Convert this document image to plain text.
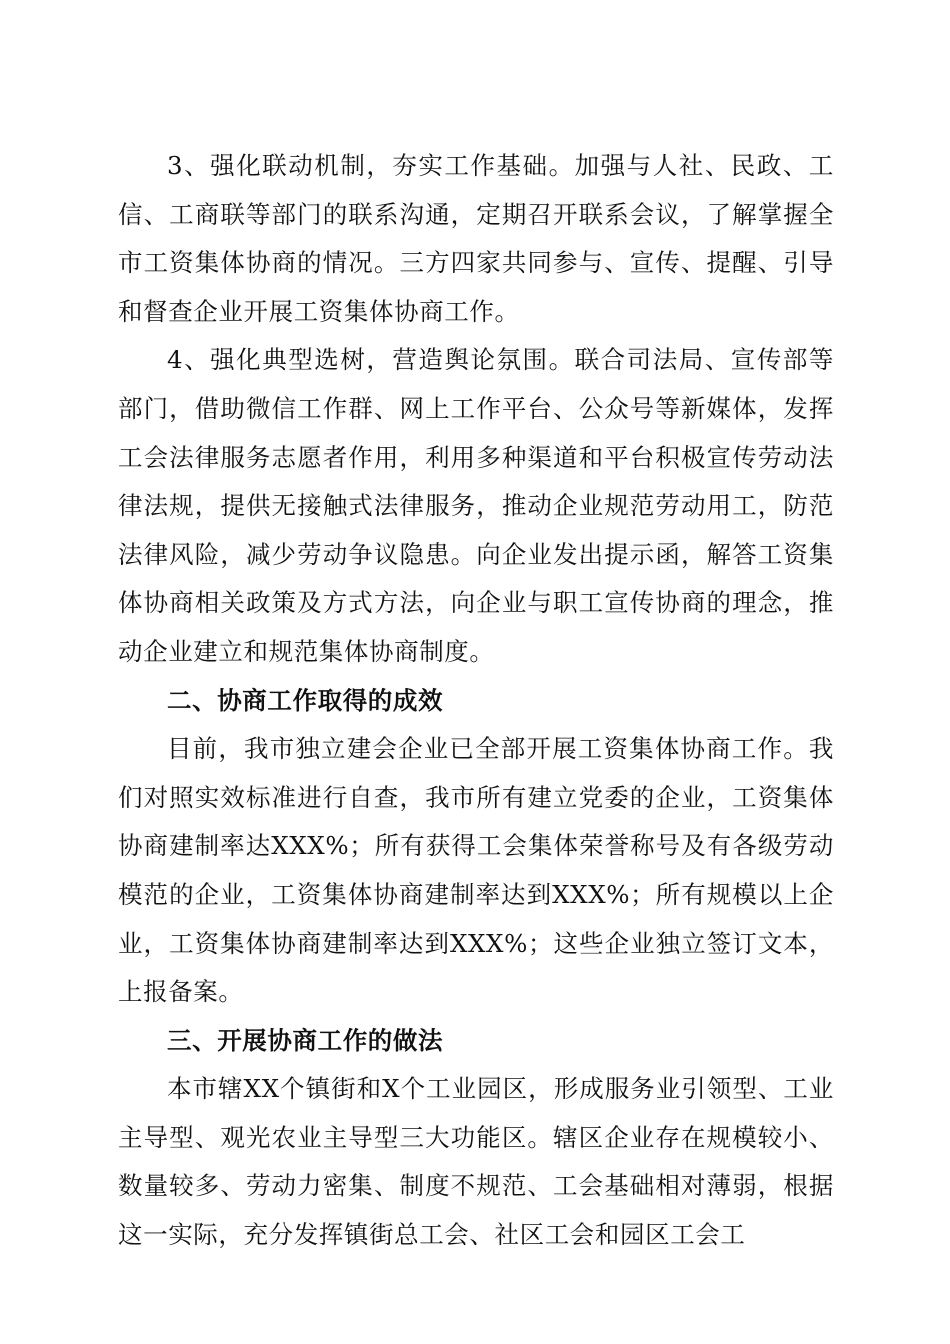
3、强化联动机制，夯实工作基础。加强与人社、民政、工信、工商联等部门的联系沟通，定期召开联系会议，了解掌握全市工资集体协商的情况。三方四家共同参与、宣传、提醒、引导和督查企业开展工资集体协商工作。

4、强化典型选树，营造舆论氛围。联合司法局、宣传部等部门，借助微信工作群、网上工作平台、公众号等新媒体，发挥工会法律服务志愿者作用，利用多种渠道和平台积极宣传劳动法律法规，提供无接触式法律服务，推动企业规范劳动用工，防范法律风险，减少劳动争议隐患。向企业发出提示函，解答工资集体协商相关政策及方式方法，向企业与职工宣传协商的理念，推动企业建立和规范集体协商制度。

二、协商工作取得的成效

目前，我市独立建会企业已全部开展工资集体协商工作。我们对照实效标准进行自查，我市所有建立党委的企业，工资集体协商建制率达XXX%；所有获得工会集体荣誉称号及有各级劳动模范的企业，工资集体协商建制率达到XXX%；所有规模以上企业，工资集体协商建制率达到XXX%；这些企业独立签订文本，上报备案。

三、开展协商工作的做法

本市辖XX个镇街和X个工业园区，形成服务业引领型、工业主导型、观光农业主导型三大功能区。辖区企业存在规模较小、数量较多、劳动力密集、制度不规范、工会基础相对薄弱，根据这一实际，充分发挥镇街总工会、社区工会和园区工会工
